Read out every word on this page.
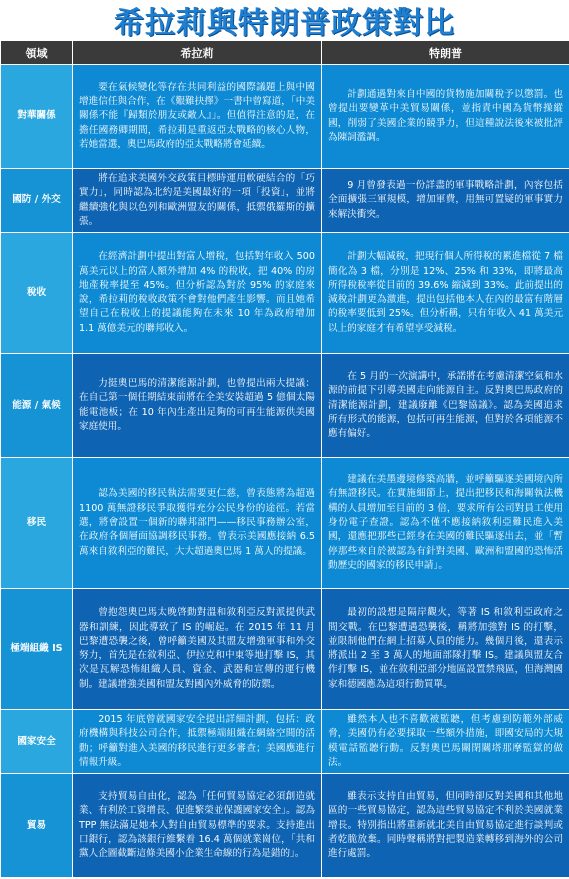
希拉莉與特朗普政策對比
領域	希拉莉	特朗普
對華關係	要在氣候變化等存在共同利益的國際議題上與中國增進信任與合作，在《艱難抉擇》一書中曾寫道，「中美關係不能『歸類於朋友或敵人』」。但值得注意的是，在擔任國務卿期間，希拉莉是重返亞太戰略的核心人物，若她當選，奧巴馬政府的亞太戰略將會延續。	計劃通過對來自中國的貨物施加關稅予以懲罰。也曾提出要變革中美貿易關係，並指責中國為貨幣操縱國，削弱了美國企業的競爭力，但這種說法後來被批評為陳詞濫調。

國防 / 外交	將在追求美國外交政策目標時運用軟硬結合的「巧實力」，同時認為北約是美國最好的一項「投資」，並將繼續強化與以色列和歐洲盟友的關係，抵禦俄羅斯的擴張。	9 月曾發表過一份詳盡的軍事戰略計劃，內容包括全面擴張三軍規模，增加軍費，用無可置疑的軍事實力來解決衝突。

稅收	在經濟計劃中提出對富人增稅，包括對年收入 500 萬美元以上的富人額外增加 4% 的稅收，把 40% 的房地產稅率提至 45%。但分析認為對於 95% 的家庭來說，希拉莉的稅收政策不會對他們產生影響。而且她希望自己在稅收上的提議能夠在未來 10 年為政府增加 1.1 萬億美元的聯邦收入。	計劃大幅減稅，把現行個人所得稅的累進檔從 7 檔簡化為 3 檔，分別是 12%、25% 和 33%，即將最高所得稅稅率從目前的 39.6% 縮減到 33%。此前提出的減稅計劃更為激進，提出包括他本人在內的最富有階層的稅率要低到 25%。但分析稱，只有年收入 41 萬美元以上的家庭才有希望享受減稅。

能源 / 氣候	力挺奧巴馬的清潔能源計劃，也曾提出兩大提議：在自己第一個任期結束前將在全美安裝超過 5 億個太陽能電池板；在 10 年內生產出足夠的可再生能源供美國家庭使用。	在 5 月的一次演講中，承諾將在考慮清潔空氣和水源的前提下引導美國走向能源自主。反對奧巴馬政府的清潔能源計劃，建議廢離《巴黎協議》。認為美國追求所有形式的能源，包括可再生能源，但對於各項能源不應有偏好。

移民	認為美國的移民執法需要更仁慈，曾表態將為超過 1100 萬無證移民爭取獲得充分公民身份的途徑。若當選，將會設置一個新的聯邦部門——移民事務辦公室，在政府各個層面協調移民事務。曾表示美國應接納 6.5 萬來自敘利亞的難民，大大超過奧巴馬 1 萬人的提議。	建議在美墨邊境修築高牆，並呼籲驅逐美國境內所有無證移民。在實施細節上，提出把移民和海關執法機構的人員增加至目前的 3 倍，要求所有公司對員工使用身份電子查證。認為不僅不應接納敘利亞難民進入美國，還應把那些已經身在美國的難民驅逐出去，並「暫停那些來自於被認為有針對美國、歐洲和盟國的恐怖活動歷史的國家的移民申請」。

極端組織 IS	曾抱怨奧巴馬太晚啓動對溫和敘利亞反對派提供武器和訓練，因此導致了 IS 的崛起。在 2015 年 11 月巴黎遭恐襲之後，曾呼籲美國及其盟友增強軍事和外交努力，首先是在敘利亞、伊拉克和中東等地打擊 IS，其次是瓦解恐怖組織人員、資金、武器和宣傳的運行機制。建議增強美國和盟友對國內外威脅的防禦。	最初的設想是隔岸觀火，等著 IS 和敘利亞政府之間交戰。在巴黎遭遇恐襲後，稱將加強對 IS 的打擊，並限制他們在網上招募人員的能力。幾個月後，還表示將派出 2 至 3 萬人的地面部隊打擊 IS。建議與盟友合作打擊 IS，並在敘利亞部分地區設置禁飛區，但海灣國家和德國應為這項行動買單。

國家安全	2015 年底曾就國家安全提出詳細計劃，包括：政府機構與科技公司合作，抵禦極端組織在網絡空間的活動；呼籲對進入美國的移民進行更多審查；美國應進行情報升級。	雖然本人也不喜歡被監聽，但考慮到防範外部威脅，美國仍有必要採取一些額外措施，即國安局的大規模電話監聽行動。反對奧巴馬關閉關塔那摩監獄的做法。

貿易	支持貿易自由化，認為「任何貿易協定必須創造就業、有利於工資增長、促進繁榮並保護國家安全」。認為 TPP 無法滿足她本人對自由貿易標準的要求。支持進出口銀行，認為該銀行維繫着 16.4 萬個就業崗位，「共和黨人企圖截斷這條美國小企業生命線的行為是錯的」。	雖表示支持自由貿易，但同時卻反對美國和其他地區的一些貿易協定，認為這些貿易協定不利於美國就業增長。特別指出將重新就北美自由貿易協定進行談判或者乾脆放棄。同時聲稱將對把製造業轉移到海外的公司進行處罰。
